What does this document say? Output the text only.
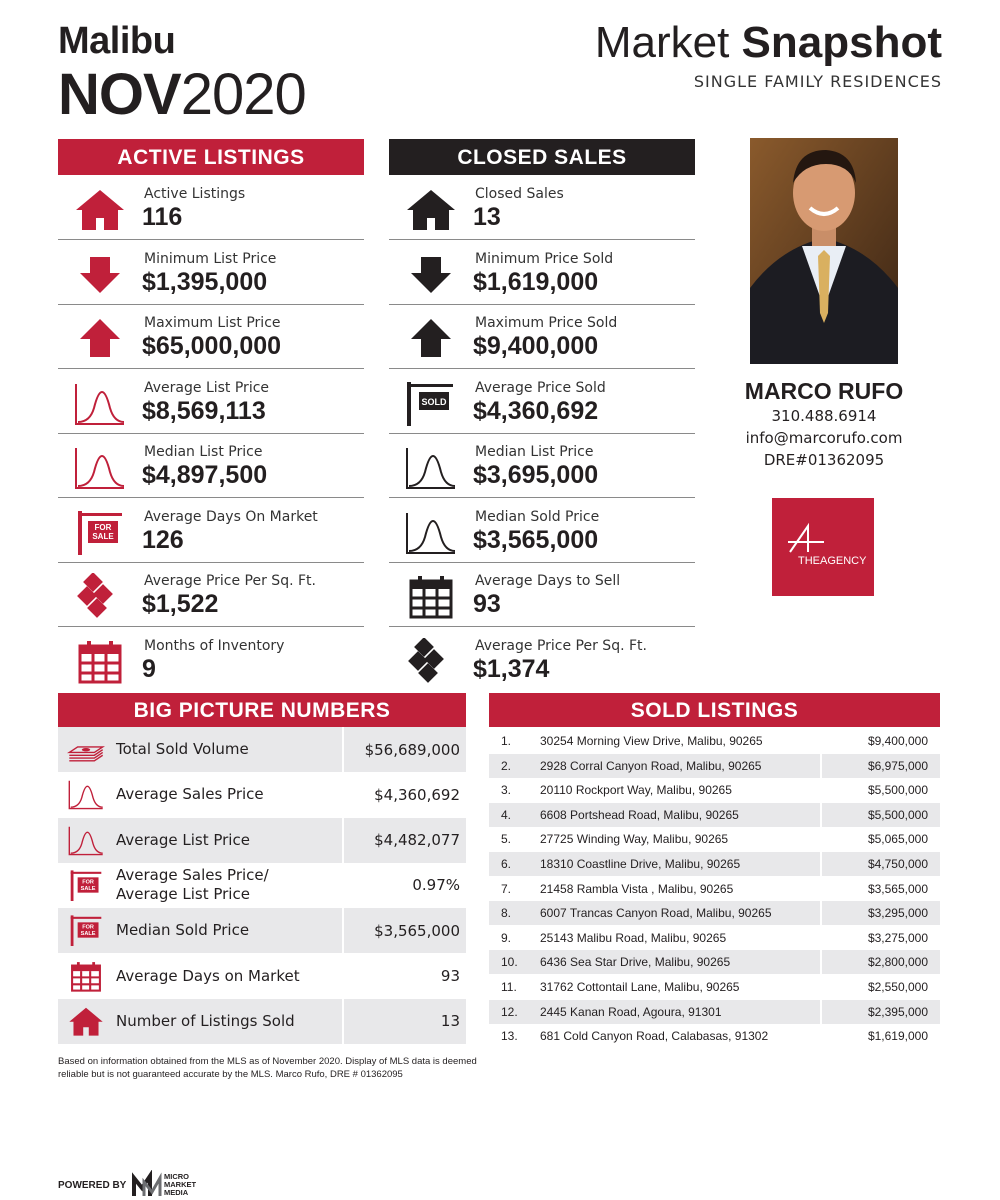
Malibu
NOV2020
Market Snapshot
SINGLE FAMILY RESIDENCES
ACTIVE LISTINGS
Active Listings
116
Minimum List Price
$1,395,000
Maximum List Price
$65,000,000
Average List Price
$8,569,113
Median List Price
$4,897,500
FOR
SALE
Average Days On Market
126
Average Price Per Sq. Ft.
$1,522
Months of Inventory
9
CLOSED SALES
Closed Sales
13
Minimum Price Sold
$1,619,000
Maximum Price Sold
$9,400,000
SOLD
Average Price Sold
$4,360,692
Median List Price
$3,695,000
Median Sold Price
$3,565,000
Average Days to Sell
93
Average Price Per Sq. Ft.
$1,374
MARCO RUFO
310.488.6914
info@marcorufo.com
DRE#01362095
THEAGENCY
BIG PICTURE NUMBERS
Total Sold Volume	$56,689,000
Average Sales Price	$4,360,692
Average List Price	$4,482,077
FOR
SALE
Average Sales Price/ Average List Price	0.97%
FOR
SALE Median Sold Price	$3,565,000
Average Days on Market	93
Number of Listings Sold	13
SOLD LISTINGS
1. 30254 Morning View Drive, Malibu, 90265	$9,400,000
2. 2928 Corral Canyon Road, Malibu, 90265	$6,975,000
3. 20110 Rockport Way, Malibu, 90265	$5,500,000
4. 6608 Portshead Road, Malibu, 90265	$5,500,000
5. 27725 Winding Way, Malibu, 90265	$5,065,000
6. 18310 Coastline Drive, Malibu, 90265	$4,750,000
7. 21458 Rambla Vista , Malibu, 90265	$3,565,000
8. 6007 Trancas Canyon Road, Malibu, 90265	$3,295,000
9. 25143 Malibu Road, Malibu, 90265	$3,275,000
10. 6436 Sea Star Drive, Malibu, 90265	$2,800,000
11. 31762 Cottontail Lane, Malibu, 90265	$2,550,000
12. 2445 Kanan Road, Agoura, 91301	$2,395,000
13. 681 Cold Canyon Road, Calabasas, 91302	$1,619,000
Based on information obtained from the MLS as of November 2020. Display of MLS data is deemed reliable but is not guaranteed accurate by the MLS. Marco Rufo, DRE # 01362095
POWERED BY
MICRO
MARKET
MEDIA
